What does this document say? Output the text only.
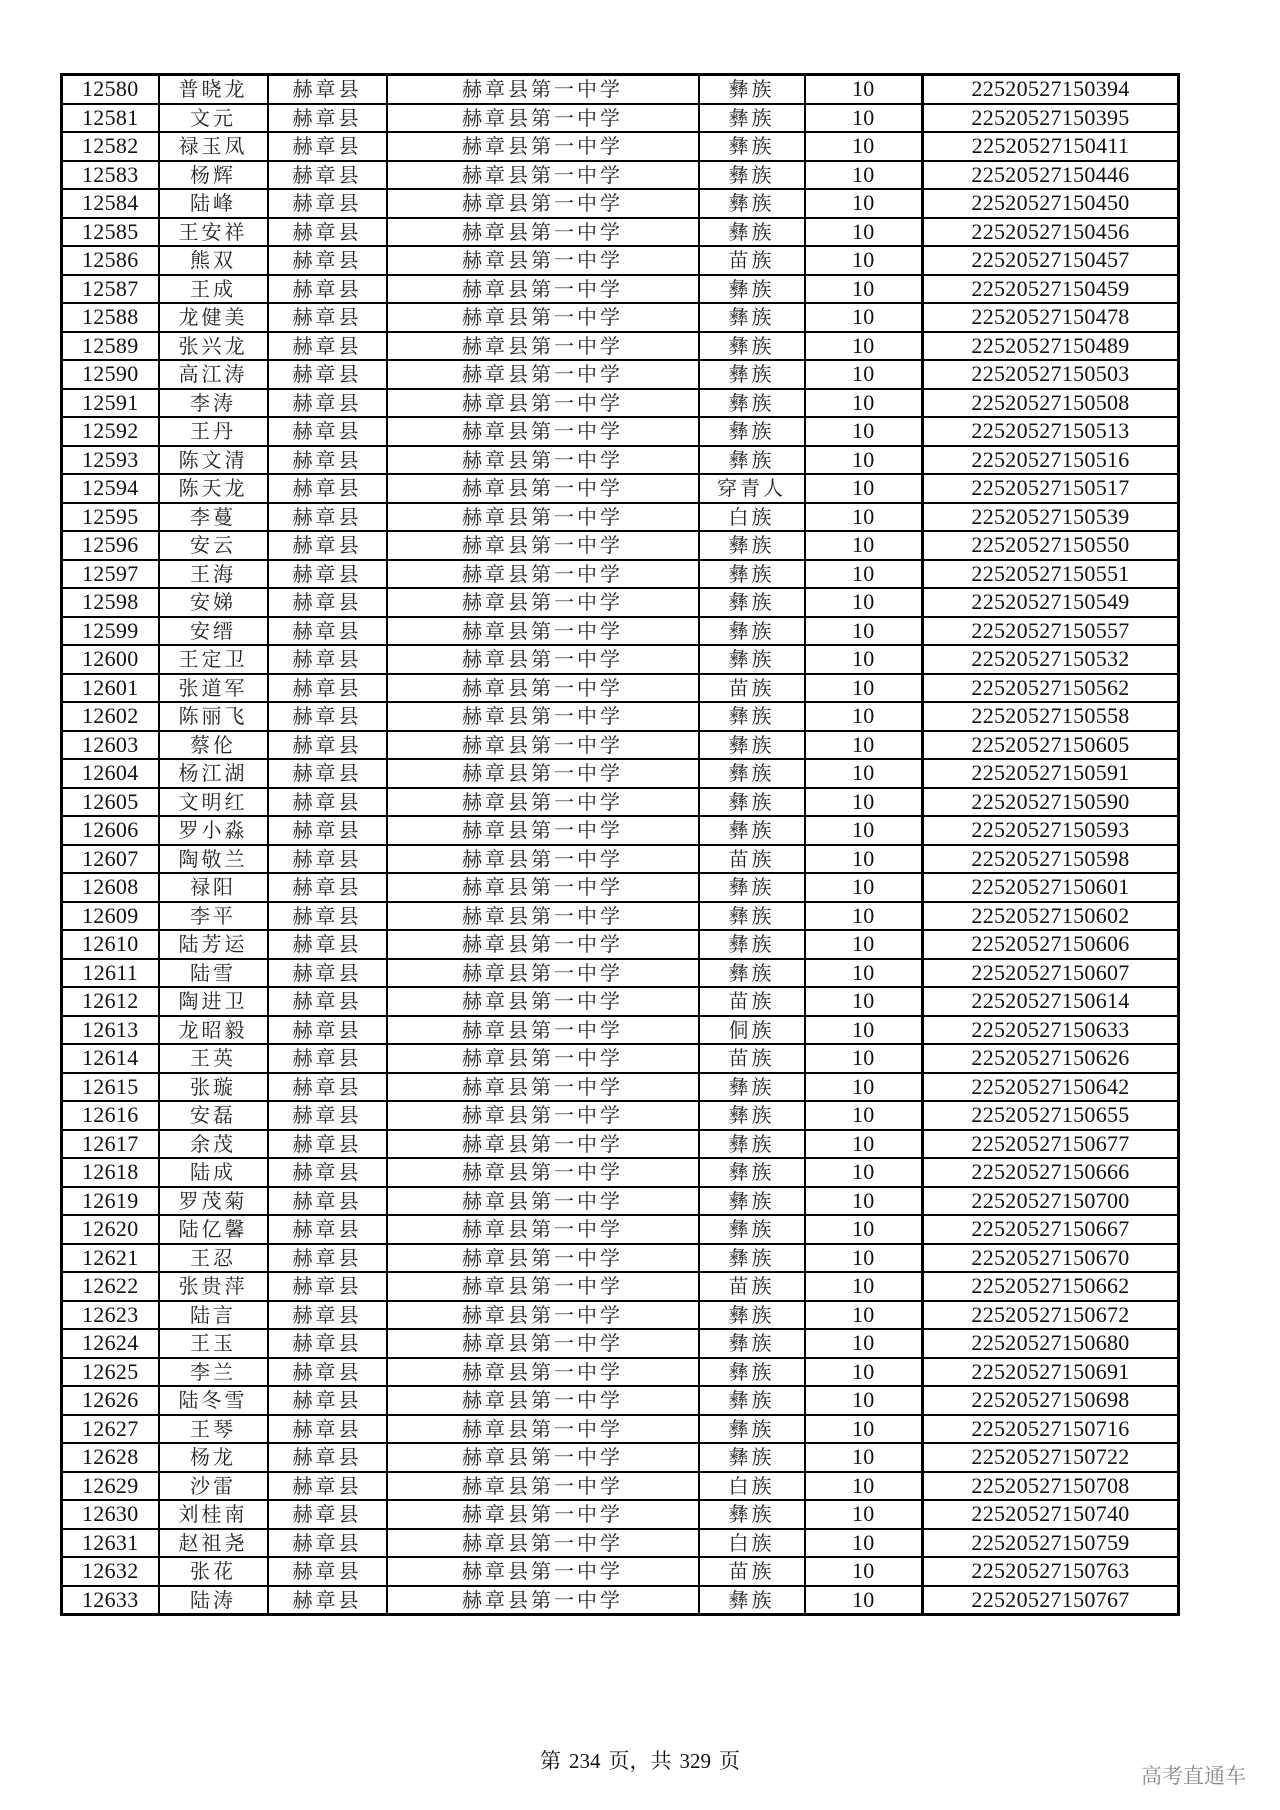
12580	普晓龙	赫章县	赫章县第一中学	彝族	10	22520527150394
12581	文元	赫章县	赫章县第一中学	彝族	10	22520527150395
12582	禄玉凤	赫章县	赫章县第一中学	彝族	10	22520527150411
12583	杨辉	赫章县	赫章县第一中学	彝族	10	22520527150446
12584	陆峰	赫章县	赫章县第一中学	彝族	10	22520527150450
12585	王安祥	赫章县	赫章县第一中学	彝族	10	22520527150456
12586	熊双	赫章县	赫章县第一中学	苗族	10	22520527150457
12587	王成	赫章县	赫章县第一中学	彝族	10	22520527150459
12588	龙健美	赫章县	赫章县第一中学	彝族	10	22520527150478
12589	张兴龙	赫章县	赫章县第一中学	彝族	10	22520527150489
12590	高江涛	赫章县	赫章县第一中学	彝族	10	22520527150503
12591	李涛	赫章县	赫章县第一中学	彝族	10	22520527150508
12592	王丹	赫章县	赫章县第一中学	彝族	10	22520527150513
12593	陈文清	赫章县	赫章县第一中学	彝族	10	22520527150516
12594	陈天龙	赫章县	赫章县第一中学	穿青人	10	22520527150517
12595	李蔓	赫章县	赫章县第一中学	白族	10	22520527150539
12596	安云	赫章县	赫章县第一中学	彝族	10	22520527150550
12597	王海	赫章县	赫章县第一中学	彝族	10	22520527150551
12598	安娣	赫章县	赫章县第一中学	彝族	10	22520527150549
12599	安缙	赫章县	赫章县第一中学	彝族	10	22520527150557
12600	王定卫	赫章县	赫章县第一中学	彝族	10	22520527150532
12601	张道军	赫章县	赫章县第一中学	苗族	10	22520527150562
12602	陈丽飞	赫章县	赫章县第一中学	彝族	10	22520527150558
12603	蔡伦	赫章县	赫章县第一中学	彝族	10	22520527150605
12604	杨江湖	赫章县	赫章县第一中学	彝族	10	22520527150591
12605	文明红	赫章县	赫章县第一中学	彝族	10	22520527150590
12606	罗小淼	赫章县	赫章县第一中学	彝族	10	22520527150593
12607	陶敬兰	赫章县	赫章县第一中学	苗族	10	22520527150598
12608	禄阳	赫章县	赫章县第一中学	彝族	10	22520527150601
12609	李平	赫章县	赫章县第一中学	彝族	10	22520527150602
12610	陆芳运	赫章县	赫章县第一中学	彝族	10	22520527150606
12611	陆雪	赫章县	赫章县第一中学	彝族	10	22520527150607
12612	陶进卫	赫章县	赫章县第一中学	苗族	10	22520527150614
12613	龙昭毅	赫章县	赫章县第一中学	侗族	10	22520527150633
12614	王英	赫章县	赫章县第一中学	苗族	10	22520527150626
12615	张璇	赫章县	赫章县第一中学	彝族	10	22520527150642
12616	安磊	赫章县	赫章县第一中学	彝族	10	22520527150655
12617	余茂	赫章县	赫章县第一中学	彝族	10	22520527150677
12618	陆成	赫章县	赫章县第一中学	彝族	10	22520527150666
12619	罗茂菊	赫章县	赫章县第一中学	彝族	10	22520527150700
12620	陆亿馨	赫章县	赫章县第一中学	彝族	10	22520527150667
12621	王忍	赫章县	赫章县第一中学	彝族	10	22520527150670
12622	张贵萍	赫章县	赫章县第一中学	苗族	10	22520527150662
12623	陆言	赫章县	赫章县第一中学	彝族	10	22520527150672
12624	王玉	赫章县	赫章县第一中学	彝族	10	22520527150680
12625	李兰	赫章县	赫章县第一中学	彝族	10	22520527150691
12626	陆冬雪	赫章县	赫章县第一中学	彝族	10	22520527150698
12627	王琴	赫章县	赫章县第一中学	彝族	10	22520527150716
12628	杨龙	赫章县	赫章县第一中学	彝族	10	22520527150722
12629	沙雷	赫章县	赫章县第一中学	白族	10	22520527150708
12630	刘桂南	赫章县	赫章县第一中学	彝族	10	22520527150740
12631	赵祖尧	赫章县	赫章县第一中学	白族	10	22520527150759
12632	张花	赫章县	赫章县第一中学	苗族	10	22520527150763
12633	陆涛	赫章县	赫章县第一中学	彝族	10	22520527150767
第 234 页，共 329 页
高考直通车
